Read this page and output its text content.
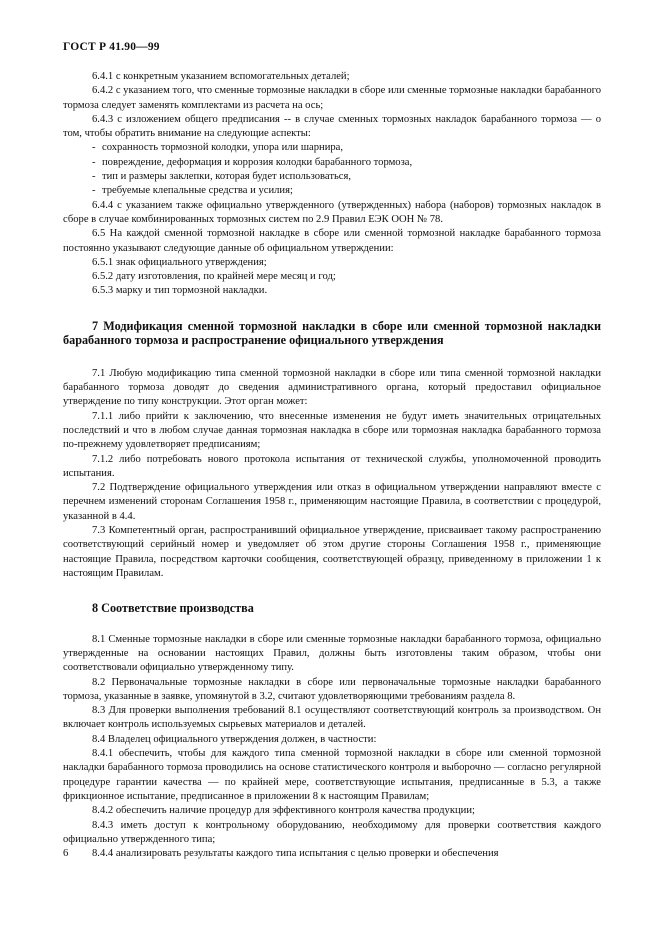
ГОСТ Р 41.90—99
6.4.1 с конкретным указанием вспомогательных деталей;
6.4.2 с указанием того, что сменные тормозные накладки в сборе или сменные тормозные накладки барабанного тормоза следует заменять комплектами из расчета на ось;
6.4.3 с изложением общего предписания -- в случае сменных тормозных накладок барабанного тормоза — о том, чтобы обратить внимание на следующие аспекты:
- сохранность тормозной колодки, упора или шарнира,
- повреждение, деформация и коррозия колодки барабанного тормоза,
- тип и размеры заклепки, которая будет использоваться,
- требуемые клепальные средства и усилия;
6.4.4 с указанием также официально утвержденного (утвержденных) набора (наборов) тормозных накладок в сборе в случае комбинированных тормозных систем по 2.9 Правил ЕЭК ООН № 78.
6.5 На каждой сменной тормозной накладке в сборе или сменной тормозной накладке барабанного тормоза постоянно указывают следующие данные об официальном утверждении:
6.5.1 знак официального утверждения;
6.5.2 дату изготовления, по крайней мере месяц и год;
6.5.3 марку и тип тормозной накладки.
7 Модификация сменной тормозной накладки в сборе или сменной тормозной накладки барабанного тормоза и распространение официального утверждения
7.1 Любую модификацию типа сменной тормозной накладки в сборе или типа сменной тормозной накладки барабанного тормоза доводят до сведения административного органа, который предоставил официальное утверждение по типу конструкции. Этот орган может:
7.1.1 либо прийти к заключению, что внесенные изменения не будут иметь значительных отрицательных последствий и что в любом случае данная тормозная накладка в сборе или тормозная накладка барабанного тормоза по-прежнему удовлетворяет предписаниям;
7.1.2 либо потребовать нового протокола испытания от технической службы, уполномоченной проводить испытания.
7.2 Подтверждение официального утверждения или отказ в официальном утверждении направляют вместе с перечнем изменений сторонам Соглашения 1958 г., применяющим настоящие Правила, в соответствии с процедурой, указанной в 4.4.
7.3 Компетентный орган, распространивший официальное утверждение, присваивает такому распространению соответствующий серийный номер и уведомляет об этом другие стороны Соглашения 1958 г., применяющие настоящие Правила, посредством карточки сообщения, соответствующей образцу, приведенному в приложении 1 к настоящим Правилам.
8 Соответствие производства
8.1 Сменные тормозные накладки в сборе или сменные тормозные накладки барабанного тормоза, официально утвержденные на основании настоящих Правил, должны быть изготовлены таким образом, чтобы они соответствовали официально утвержденному типу.
8.2 Первоначальные тормозные накладки в сборе или первоначальные тормозные накладки барабанного тормоза, указанные в заявке, упомянутой в 3.2, считают удовлетворяющими требованиям раздела 8.
8.3 Для проверки выполнения требований 8.1 осуществляют соответствующий контроль за производством. Он включает контроль используемых сырьевых материалов и деталей.
8.4 Владелец официального утверждения должен, в частности:
8.4.1 обеспечить, чтобы для каждого типа сменной тормозной накладки в сборе или сменной тормозной накладки барабанного тормоза проводились на основе статистического контроля и выборочно — согласно регулярной процедуре гарантии качества — по крайней мере, соответствующие испытания, предписанные в 5.3, а также фрикционное испытание, предписанное в приложении 8 к настоящим Правилам;
8.4.2 обеспечить наличие процедур для эффективного контроля качества продукции;
8.4.3 иметь доступ к контрольному оборудованию, необходимому для проверки соответствия каждого официально утвержденного типа;
8.4.4 анализировать результаты каждого типа испытания с целью проверки и обеспечения
6
